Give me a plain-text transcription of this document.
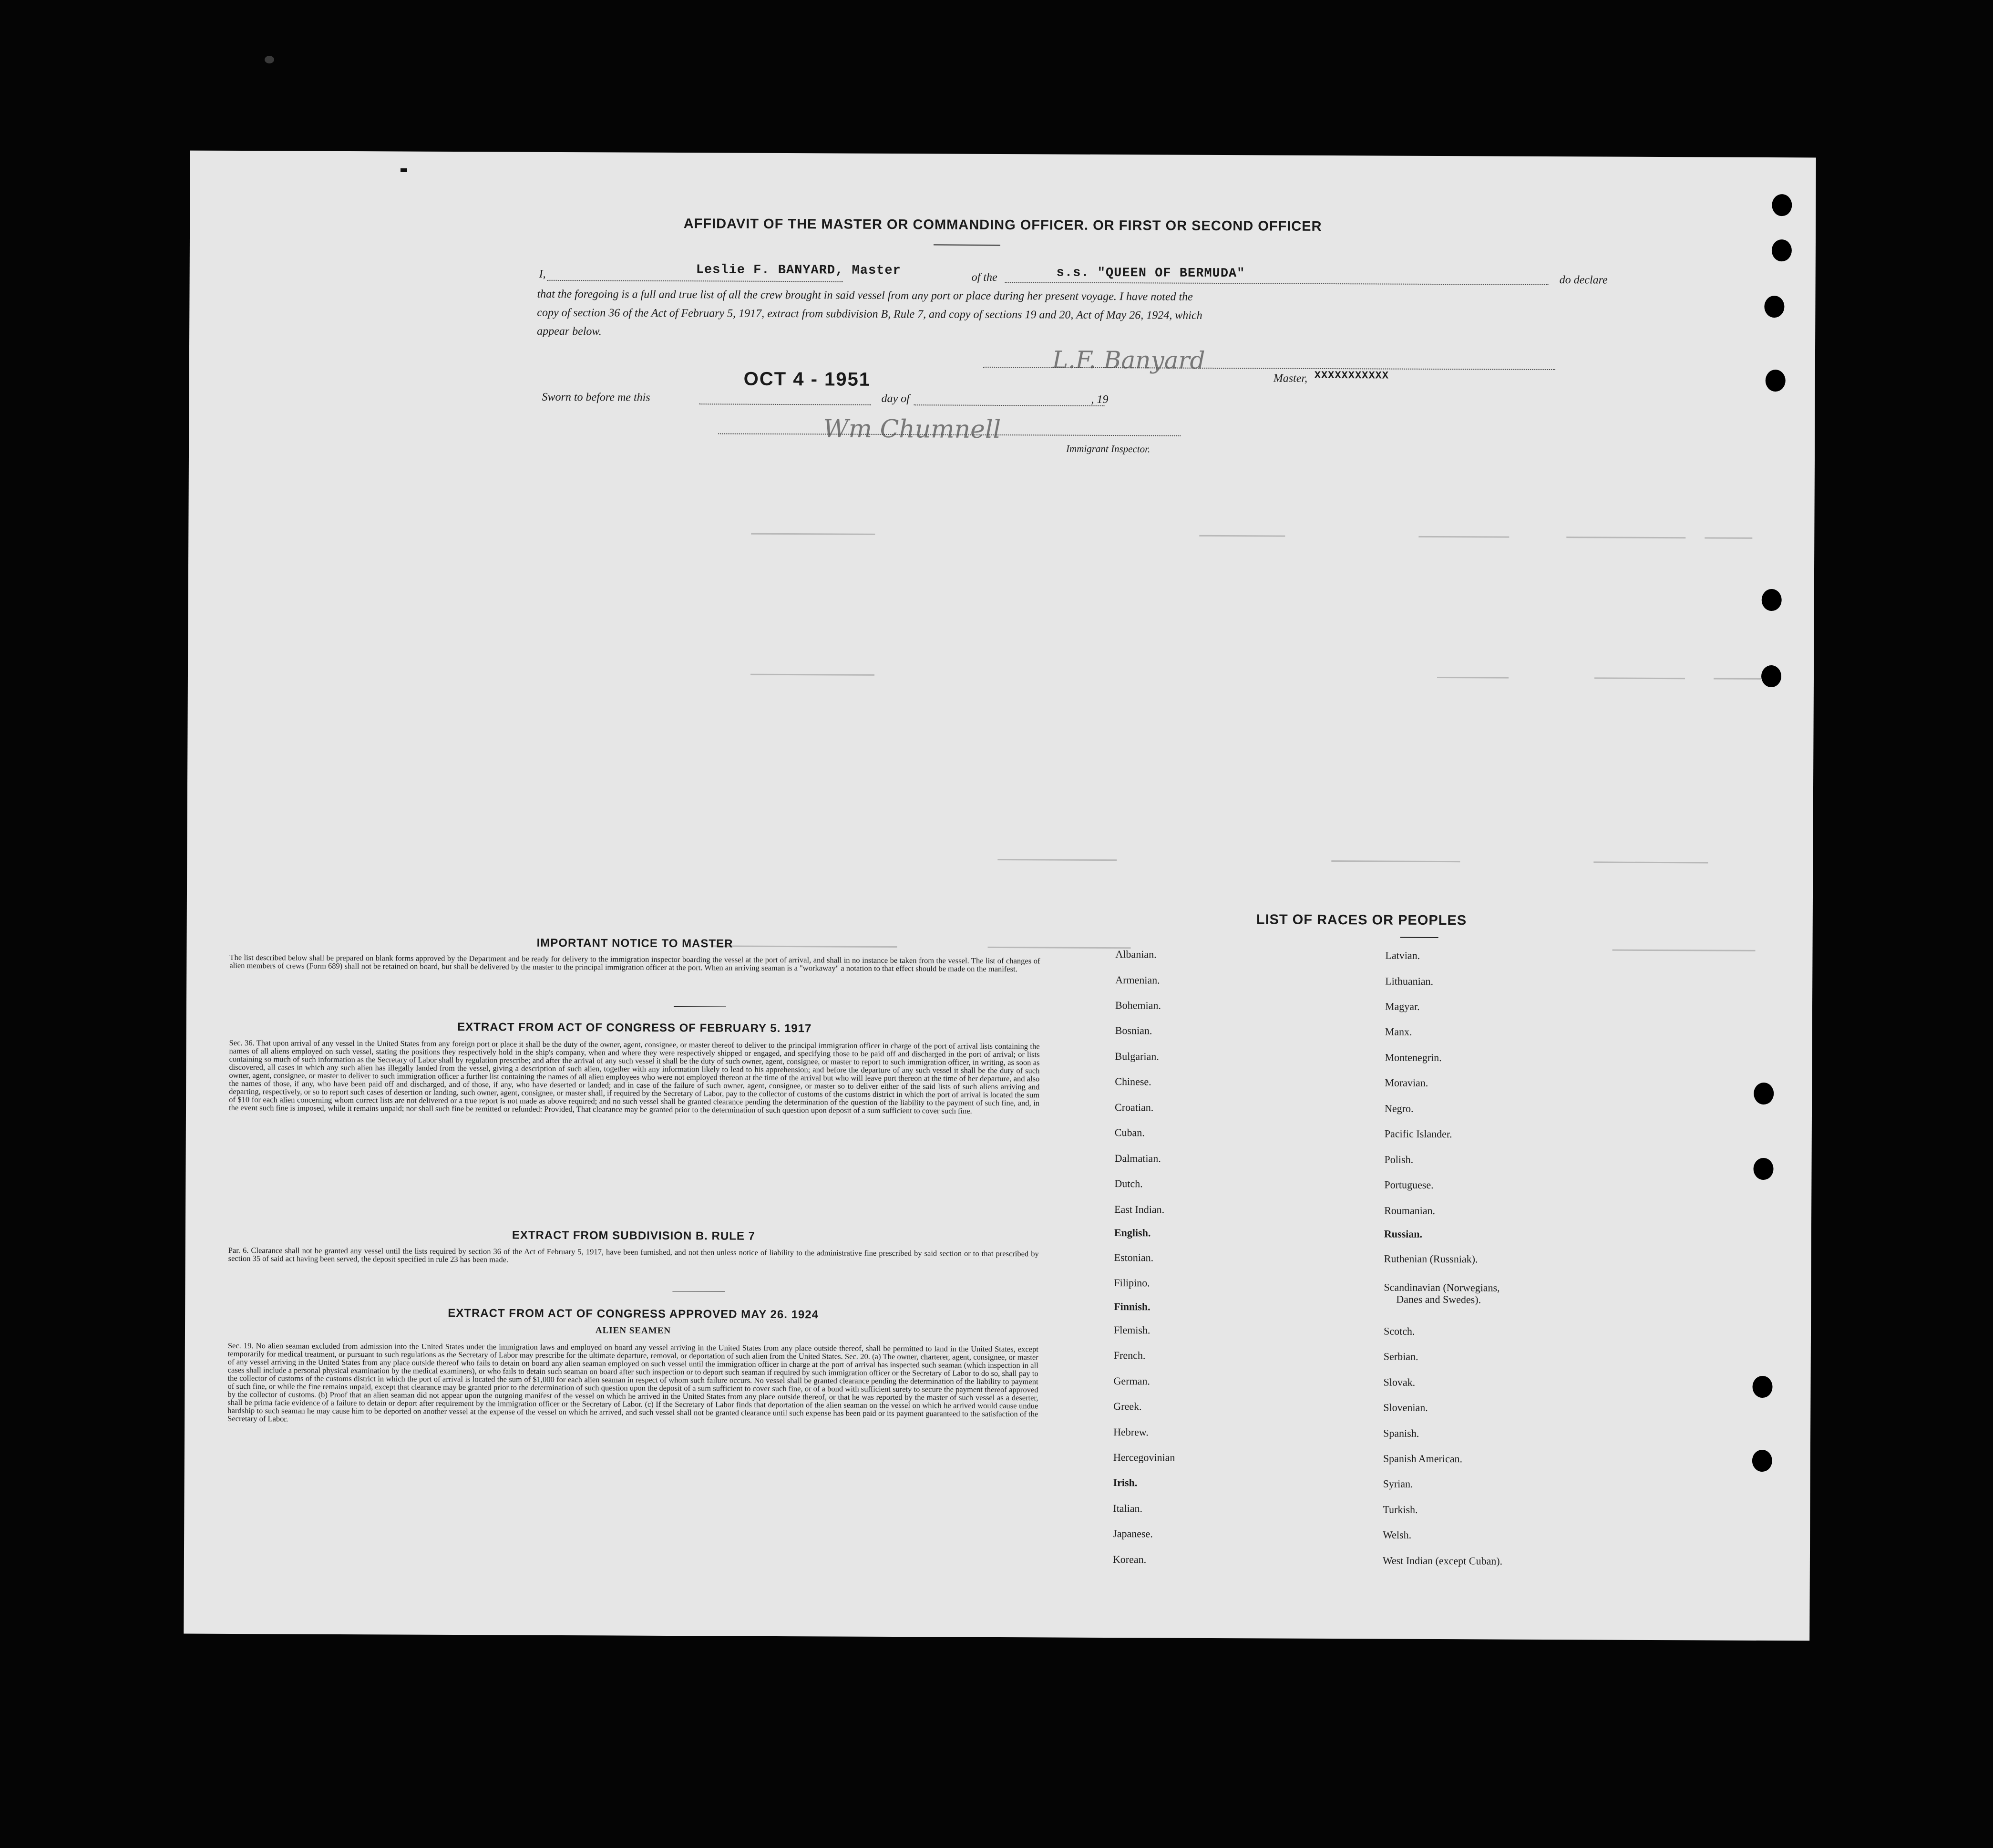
AFFIDAVIT OF THE MASTER OR COMMANDING OFFICER. OR FIRST OR SECOND OFFICER
I,	Leslie F. BANYARD, Master	of the	s.s. "QUEEN OF BERMUDA"	do declare
that the foregoing is a full and true list of all the crew brought in said vessel from any port or place during her present voyage. I have noted the
copy of section 36 of the Act of February 5, 1917, extract from subdivision B, Rule 7, and copy of sections 19 and 20, Act of May 26, 1924, which
appear below.
L.F. Banyard
Master, XXXXXXXXXXX
Sworn to before me this
OCT 4 - 1951
day of	, 19
Wm Chumnell
Immigrant Inspector.
IMPORTANT NOTICE TO MASTER
The list described below shall be prepared on blank forms approved by the Department and be ready for delivery to the immigration inspector boarding the vessel at the port of arrival, and shall in no instance be taken from the vessel. The list of changes of alien members of crews (Form 689) shall not be retained on board, but shall be delivered by the master to the principal immigration officer at the port. When an arriving seaman is a "workaway" a notation to that effect should be made on the manifest.
EXTRACT FROM ACT OF CONGRESS OF FEBRUARY 5. 1917
Sec. 36. That upon arrival of any vessel in the United States from any foreign port or place it shall be the duty of the owner, agent, consignee, or master thereof to deliver to the principal immigration officer in charge of the port of arrival lists containing the names of all aliens employed on such vessel, stating the positions they respectively hold in the ship's company, when and where they were respectively shipped or engaged, and specifying those to be paid off and discharged in the port of arrival; or lists containing so much of such information as the Secretary of Labor shall by regulation prescribe; and after the arrival of any such vessel it shall be the duty of such owner, agent, consignee, or master to report to such immigration officer, in writing, as soon as discovered, all cases in which any such alien has illegally landed from the vessel, giving a description of such alien, together with any information likely to lead to his apprehension; and before the departure of any such vessel it shall be the duty of such owner, agent, consignee, or master to deliver to such immigration officer a further list containing the names of all alien employees who were not employed thereon at the time of the arrival but who will leave port thereon at the time of her departure, and also the names of those, if any, who have been paid off and discharged, and of those, if any, who have deserted or landed; and in case of the failure of such owner, agent, consignee, or master so to deliver either of the said lists of such aliens arriving and departing, respectively, or so to report such cases of desertion or landing, such owner, agent, consignee, or master shall, if required by the Secretary of Labor, pay to the collector of customs of the customs district in which the port of arrival is located the sum of $10 for each alien concerning whom correct lists are not delivered or a true report is not made as above required; and no such vessel shall be granted clearance pending the determination of the question of the liability to the payment of such fine, and, in the event such fine is imposed, while it remains unpaid; nor shall such fine be remitted or refunded: Provided, That clearance may be granted prior to the determination of such question upon deposit of a sum sufficient to cover such fine.
EXTRACT FROM SUBDIVISION B. RULE 7
Par. 6. Clearance shall not be granted any vessel until the lists required by section 36 of the Act of February 5, 1917, have been furnished, and not then unless notice of liability to the administrative fine prescribed by said section or to that prescribed by section 35 of said act having been served, the deposit specified in rule 23 has been made.
EXTRACT FROM ACT OF CONGRESS APPROVED MAY 26. 1924
ALIEN SEAMEN
Sec. 19. No alien seaman excluded from admission into the United States under the immigration laws and employed on board any vessel arriving in the United States from any place outside thereof, shall be permitted to land in the United States, except temporarily for medical treatment, or pursuant to such regulations as the Secretary of Labor may prescribe for the ultimate departure, removal, or deportation of such alien from the United States. Sec. 20. (a) The owner, charterer, agent, consignee, or master of any vessel arriving in the United States from any place outside thereof who fails to detain on board any alien seaman employed on such vessel until the immigration officer in charge at the port of arrival has inspected such seaman (which inspection in all cases shall include a personal physical examination by the medical examiners), or who fails to detain such seaman on board after such inspection or to deport such seaman if required by such immigration officer or the Secretary of Labor to do so, shall pay to the collector of customs of the customs district in which the port of arrival is located the sum of $1,000 for each alien seaman in respect of whom such failure occurs. No vessel shall be granted clearance pending the determination of the liability to payment of such fine, or while the fine remains unpaid, except that clearance may be granted prior to the determination of such question upon the deposit of a sum sufficient to cover such fine, or of a bond with sufficient surety to secure the payment thereof approved by the collector of customs. (b) Proof that an alien seaman did not appear upon the outgoing manifest of the vessel on which he arrived in the United States from any place outside thereof, or that he was reported by the master of such vessel as a deserter, shall be prima facie evidence of a failure to detain or deport after requirement by the immigration officer or the Secretary of Labor. (c) If the Secretary of Labor finds that deportation of the alien seaman on the vessel on which he arrived would cause undue hardship to such seaman he may cause him to be deported on another vessel at the expense of the vessel on which he arrived, and such vessel shall not be granted clearance until such expense has been paid or its payment guaranteed to the satisfaction of the Secretary of Labor.
LIST OF RACES OR PEOPLES
Albanian.
Armenian.
Bohemian.
Bosnian.
Bulgarian.
Chinese.
Croatian.
Cuban.
Dalmatian.
Dutch.
East Indian.
English.
Estonian.
Filipino.
Finnish.
Flemish.
French.
German.
Greek.
Hebrew.
Hercegovinian
Irish.
Italian.
Japanese.
Korean.
Latvian.
Lithuanian.
Magyar.
Manx.
Montenegrin.
Moravian.
Negro.
Pacific Islander.
Polish.
Portuguese.
Roumanian.
Russian.
Ruthenian (Russniak).
Scandinavian (Norwegians,
Danes and Swedes).
Scotch.
Serbian.
Slovak.
Slovenian.
Spanish.
Spanish American.
Syrian.
Turkish.
Welsh.
West Indian (except Cuban).
